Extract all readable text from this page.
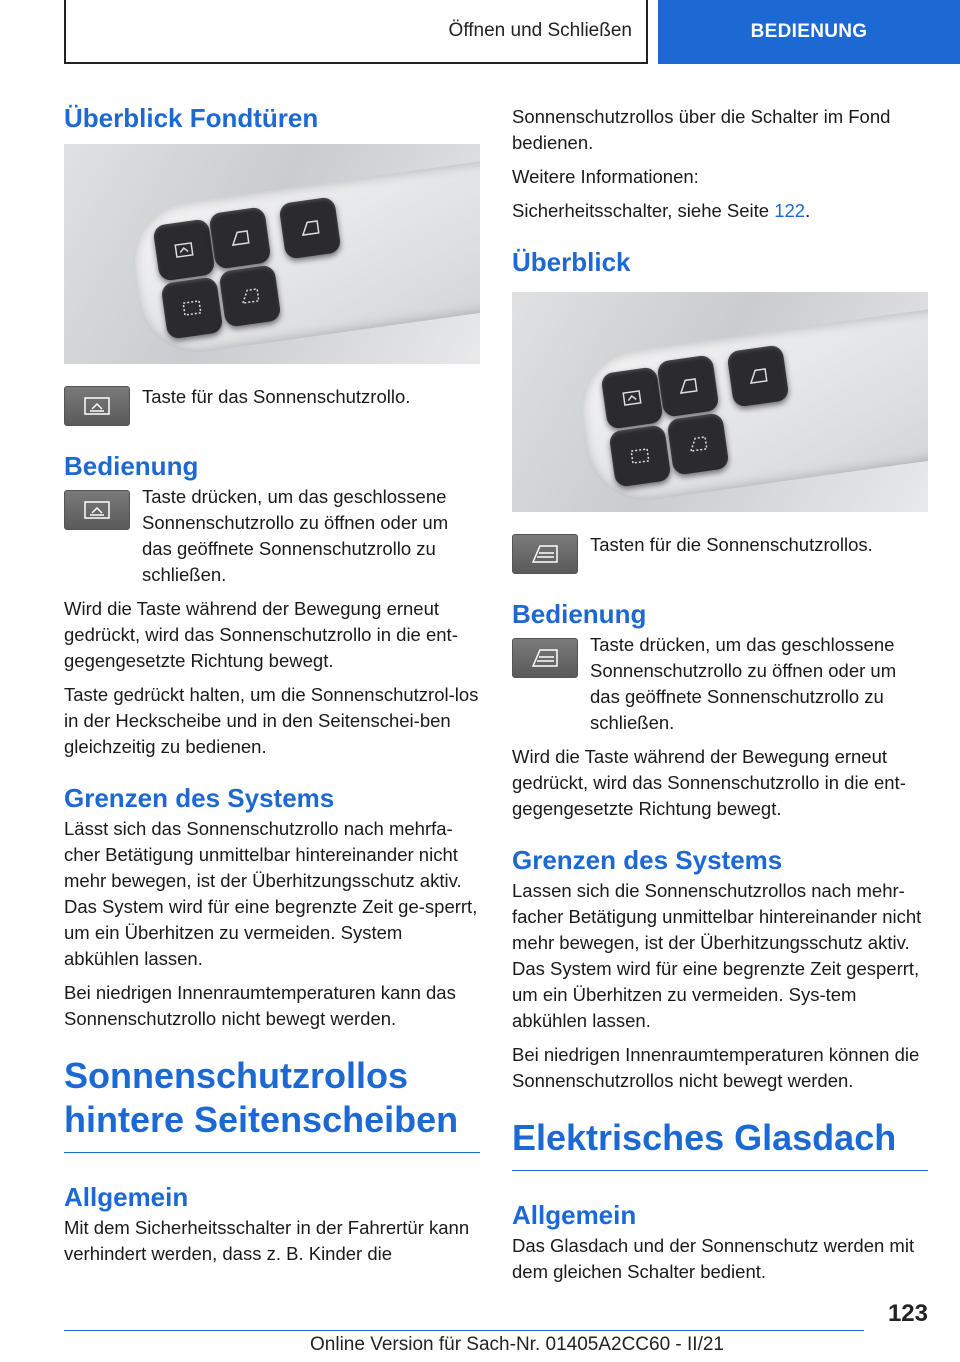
Öffnen und Schließen	BEDIENUNG
Überblick Fondtüren

Taste für das Sonnenschutzrollo.

Bedienung

Taste drücken, um das geschlossene Sonnenschutzrollo zu öffnen oder um das geöffnete Sonnenschutzrollo zu schließen.

Wird die Taste während der Bewegung erneut gedrückt, wird das Sonnenschutzrollo in die ent-gegengesetzte Richtung bewegt.

Taste gedrückt halten, um die Sonnenschutzrol-los in der Heckscheibe und in den Seitenschei-ben gleichzeitig zu bedienen.

Grenzen des Systems

Lässt sich das Sonnenschutzrollo nach mehrfa-cher Betätigung unmittelbar hintereinander nicht mehr bewegen, ist der Überhitzungsschutz aktiv. Das System wird für eine begrenzte Zeit ge-sperrt, um ein Überhitzen zu vermeiden. System abkühlen lassen.

Bei niedrigen Innenraumtemperaturen kann das Sonnenschutzrollo nicht bewegt werden.

Sonnenschutzrollos hintere Seitenscheiben
Allgemein

Mit dem Sicherheitsschalter in der Fahrertür kann verhindert werden, dass z. B. Kinder die

Sonnenschutzrollos über die Schalter im Fond bedienen.

Weitere Informationen:

Sicherheitsschalter, siehe Seite 122.

Überblick

Tasten für die Sonnenschutzrollos.

Bedienung

Taste drücken, um das geschlossene Sonnenschutzrollo zu öffnen oder um das geöffnete Sonnenschutzrollo zu schließen.

Wird die Taste während der Bewegung erneut gedrückt, wird das Sonnenschutzrollo in die ent-gegengesetzte Richtung bewegt.

Grenzen des Systems

Lassen sich die Sonnenschutzrollos nach mehr-facher Betätigung unmittelbar hintereinander nicht mehr bewegen, ist der Überhitzungsschutz aktiv. Das System wird für eine begrenzte Zeit gesperrt, um ein Überhitzen zu vermeiden. Sys-tem abkühlen lassen.

Bei niedrigen Innenraumtemperaturen können die Sonnenschutzrollos nicht bewegt werden.

Elektrisches Glasdach
Allgemein

Das Glasdach und der Sonnenschutz werden mit dem gleichen Schalter bedient.

123
Online Version für Sach-Nr. 01405A2CC60 - II/21
